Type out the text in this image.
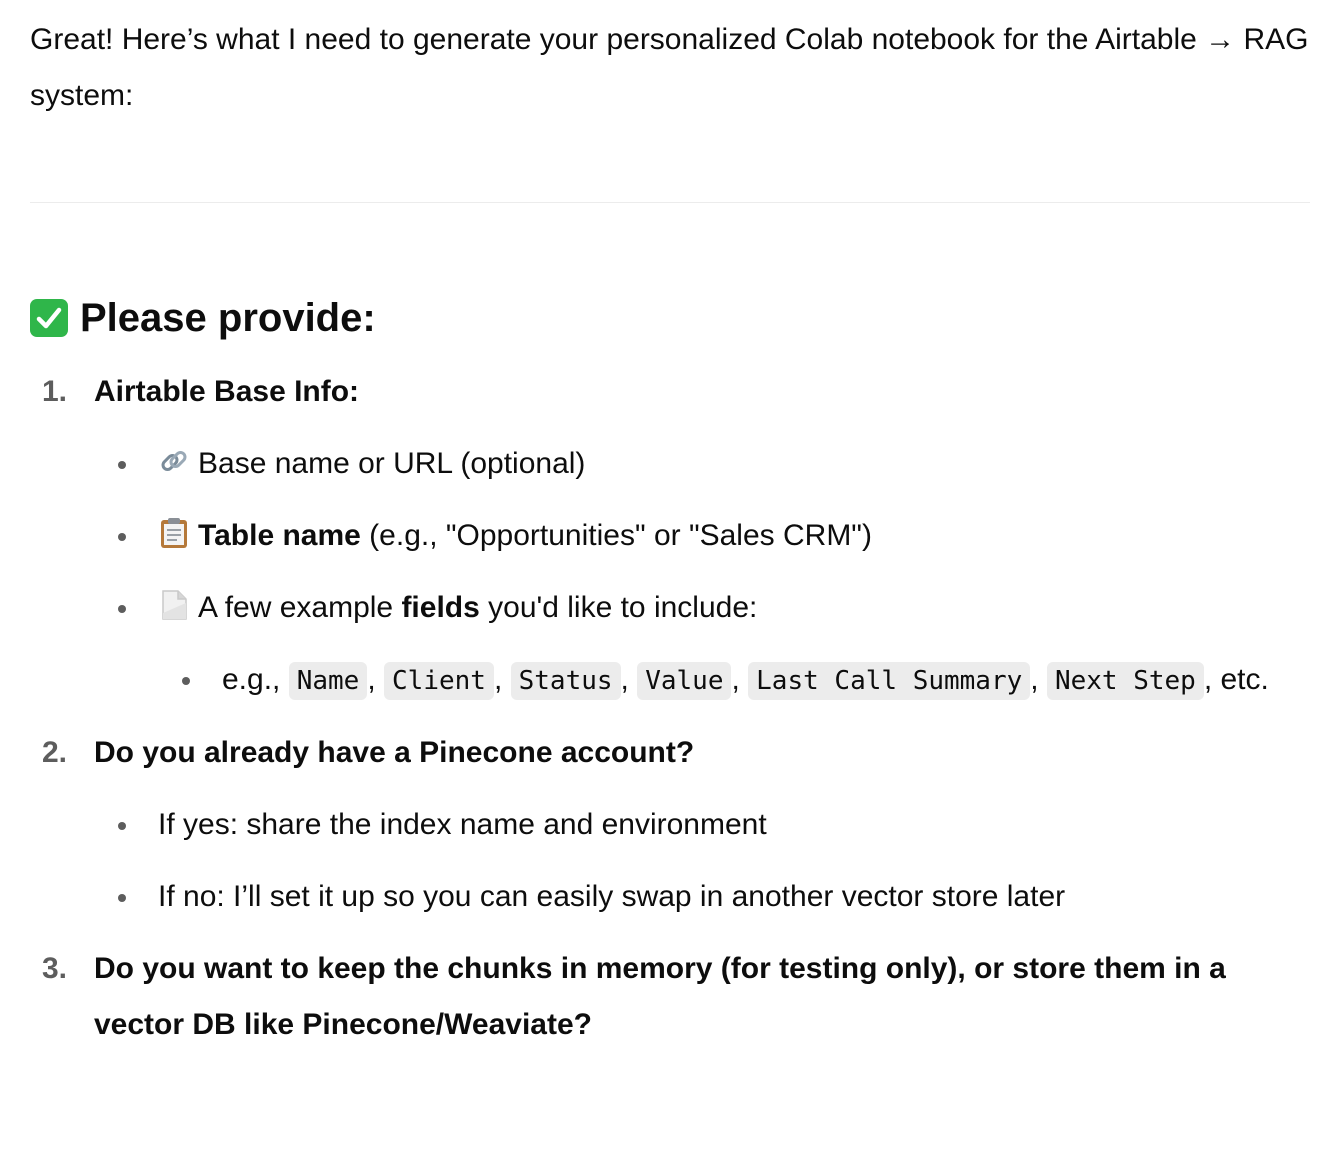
Great! Here’s what I need to generate your personalized Colab notebook for the Airtable → RAG system:

Please provide:
1. Airtable Base Info:
Base name or URL (optional)
Table name (e.g., "Opportunities" or "Sales CRM")
A few example fields you'd like to include:
e.g., Name , Client , Status , Value , Last Call Summary , Next Step , etc.
2. Do you already have a Pinecone account?
If yes: share the index name and environment
If no: I’ll set it up so you can easily swap in another vector store later
3. Do you want to keep the chunks in memory (for testing only), or store them in a vector DB like Pinecone/Weaviate?
